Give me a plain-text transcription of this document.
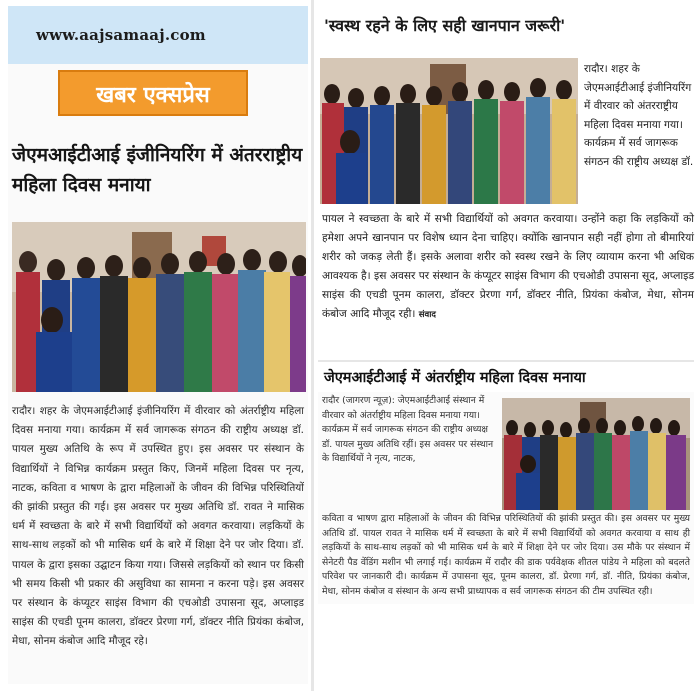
www.aajsamaaj.com
खबर एक्सप्रेस
जेएमआईटीआई इंजीनियरिंग में अंतरराष्ट्रीय महिला दिवस मनाया
रादौर। शहर के जेएमआईटीआई इंजीनियरिंग में वीरवार को अंतर्राष्ट्रीय महिला दिवस मनाया गया। कार्यक्रम में सर्व जागरूक संगठन की राष्ट्रीय अध्यक्ष डॉ. पायल मुख्य अतिथि के रूप में उपस्थित हुए। इस अवसर पर संस्थान के विद्यार्थियों ने विभिन्न कार्यक्रम प्रस्तुत किए, जिनमें महिला दिवस पर नृत्य, नाटक, कविता व भाषण के द्वारा महिलाओं के जीवन की विभिन्न परिस्थितियों की झांकी प्रस्तुत की गई। इस अवसर पर मुख्य अतिथि डॉ. रावत ने मासिक धर्म में स्वच्छता के बारे में सभी विद्यार्थियों को अवगत करवाया। लड़कियों के साथ-साथ लड़कों को भी मासिक धर्म के बारे में शिक्षा देने पर जोर दिया। डॉ. पायल के द्वारा इसका उद्घाटन किया गया। जिससे लड़कियों को स्थान पर किसी भी समय किसी भी प्रकार की असुविधा का सामना न करना पड़े। इस अवसर पर संस्थान के कंप्यूटर साइंस विभाग की एचओडी उपासना सूद, अप्लाइड साइंस की एचडी पूनम कालरा, डॉक्टर प्रेरणा गर्ग, डॉक्टर नीति प्रियंका कंबोज, मेधा, सोनम कंबोज आदि मौजूद रहे।
'स्वस्थ रहने के लिए सही खानपान जरूरी'
रादौर। शहर के जेएमआईटीआई इंजीनियरिंग में वीरवार को अंतरराष्ट्रीय महिला दिवस मनाया गया। कार्यक्रम में सर्व जागरूक संगठन की राष्ट्रीय अध्यक्ष डॉ.
पायल ने स्वच्छता के बारे में सभी विद्यार्थियों को अवगत करवाया। उन्होंने कहा कि लड़कियों को हमेशा अपने खानपान पर विशेष ध्यान देना चाहिए। क्योंकि खानपान सही नहीं होगा तो बीमारियां शरीर को जकड़ लेती हैं। इसके अलावा शरीर को स्वस्थ रखने के लिए व्यायाम करना भी अधिक आवश्यक है। इस अवसर पर संस्थान के कंप्यूटर साइंस विभाग की एचओडी उपासना सूद, अप्लाइड साइंस की एचडी पूनम कालरा, डॉक्टर प्रेरणा गर्ग, डॉक्टर नीति, प्रियंका कंबोज, मेधा, सोनम कंबोज आदि मौजूद रही। संवाद
जेएमआईटीआई में अंतर्राष्ट्रीय महिला दिवस मनाया
रादौर (जागरण न्यूज़): जेएमआईटीआई संस्थान में वीरवार को अंतर्राष्ट्रीय महिला दिवस मनाया गया। कार्यक्रम में सर्व जागरूक संगठन की राष्ट्रीय अध्यक्ष डॉ. पायल मुख्य अतिथि रहीं। इस अवसर पर संस्थान के विद्यार्थियों ने नृत्य, नाटक,
कविता व भाषण द्वारा महिलाओं के जीवन की विभिन्न परिस्थितियों की झांकी प्रस्तुत की। इस अवसर पर मुख्य अतिथि डॉ. पायल रावत ने मासिक धर्म में स्वच्छता के बारे में सभी विद्यार्थियों को अवगत करवाया व साथ ही लड़कियों के साथ-साथ लड़कों को भी मासिक धर्म के बारे में शिक्षा देने पर जोर दिया। उस मौके पर संस्थान में सेनेटरी पैड वेंडिंग मशीन भी लगाई गई। कार्यक्रम में रादौर की डाक पर्यवेक्षक शीतल पांडेय ने महिला को बदलते परिवेश पर जानकारी दी। कार्यक्रम में उपासना सूद, पूनम कालरा, डॉ. प्रेरणा गर्ग, डॉ. नीति, प्रियंका कंबोज, मेधा, सोनम कंबोज व संस्थान के अन्य सभी प्राध्यापक व सर्व जागरूक संगठन की टीम उपस्थित रही।
